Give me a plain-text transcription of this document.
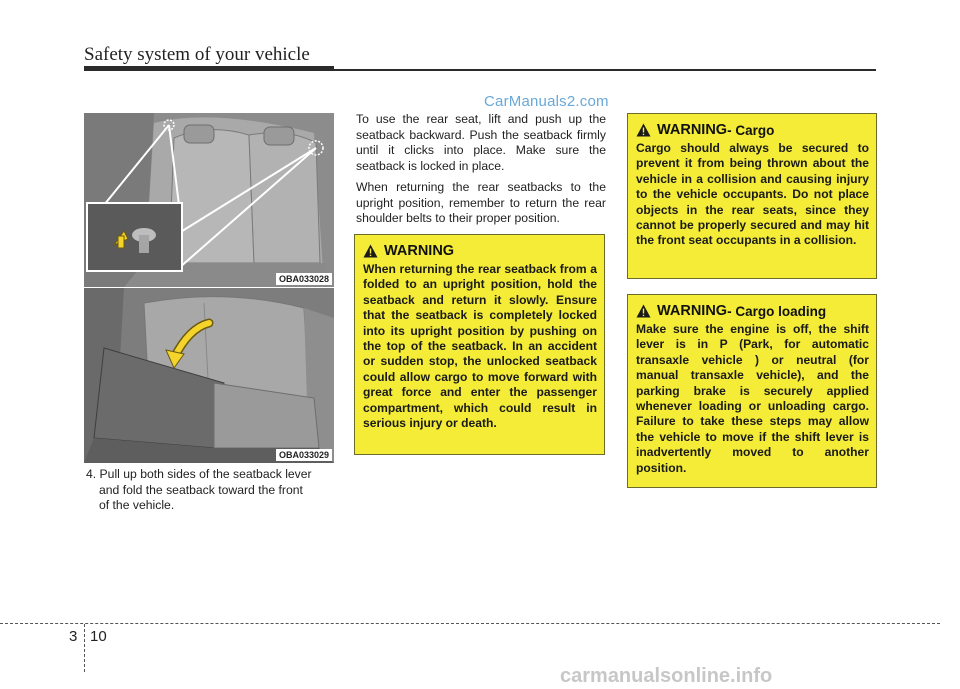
Safety system of your vehicle
CarManuals2.com
OBA033028
OBA033029
4. Pull up both sides of the seatback lever
and fold the seatback toward the front
of the vehicle.

To use the rear seat, lift and push up the seatback backward. Push the seatback firmly until it clicks into place. Make sure the seatback is locked in place.

When returning the rear seatbacks to the upright position, remember to return the rear shoulder belts to their proper position.

WARNING
When returning the rear seatback from a folded to an upright position, hold the seatback and return it slowly. Ensure that the seatback is completely locked into its upright position by pushing on the top of the seatback. In an accident or sudden stop, the unlocked seatback could allow cargo to move forward with great force and enter the passenger compartment, which could result in serious injury or death.
WARNING - Cargo
Cargo should always be secured to prevent it from being thrown about the vehicle in a collision and causing injury to the vehicle occupants. Do not place objects in the rear seats, since they cannot be properly secured and may hit the front seat occupants in a collision.
WARNING - Cargo loading
Make sure the engine is off, the shift lever is in P (Park, for automatic transaxle vehicle ) or neutral (for manual transaxle vehicle), and the parking brake is securely applied whenever loading or unloading cargo. Failure to take these steps may allow the vehicle to move if the shift lever is inadvertently moved to another position.
3 10
carmanualsonline.info
